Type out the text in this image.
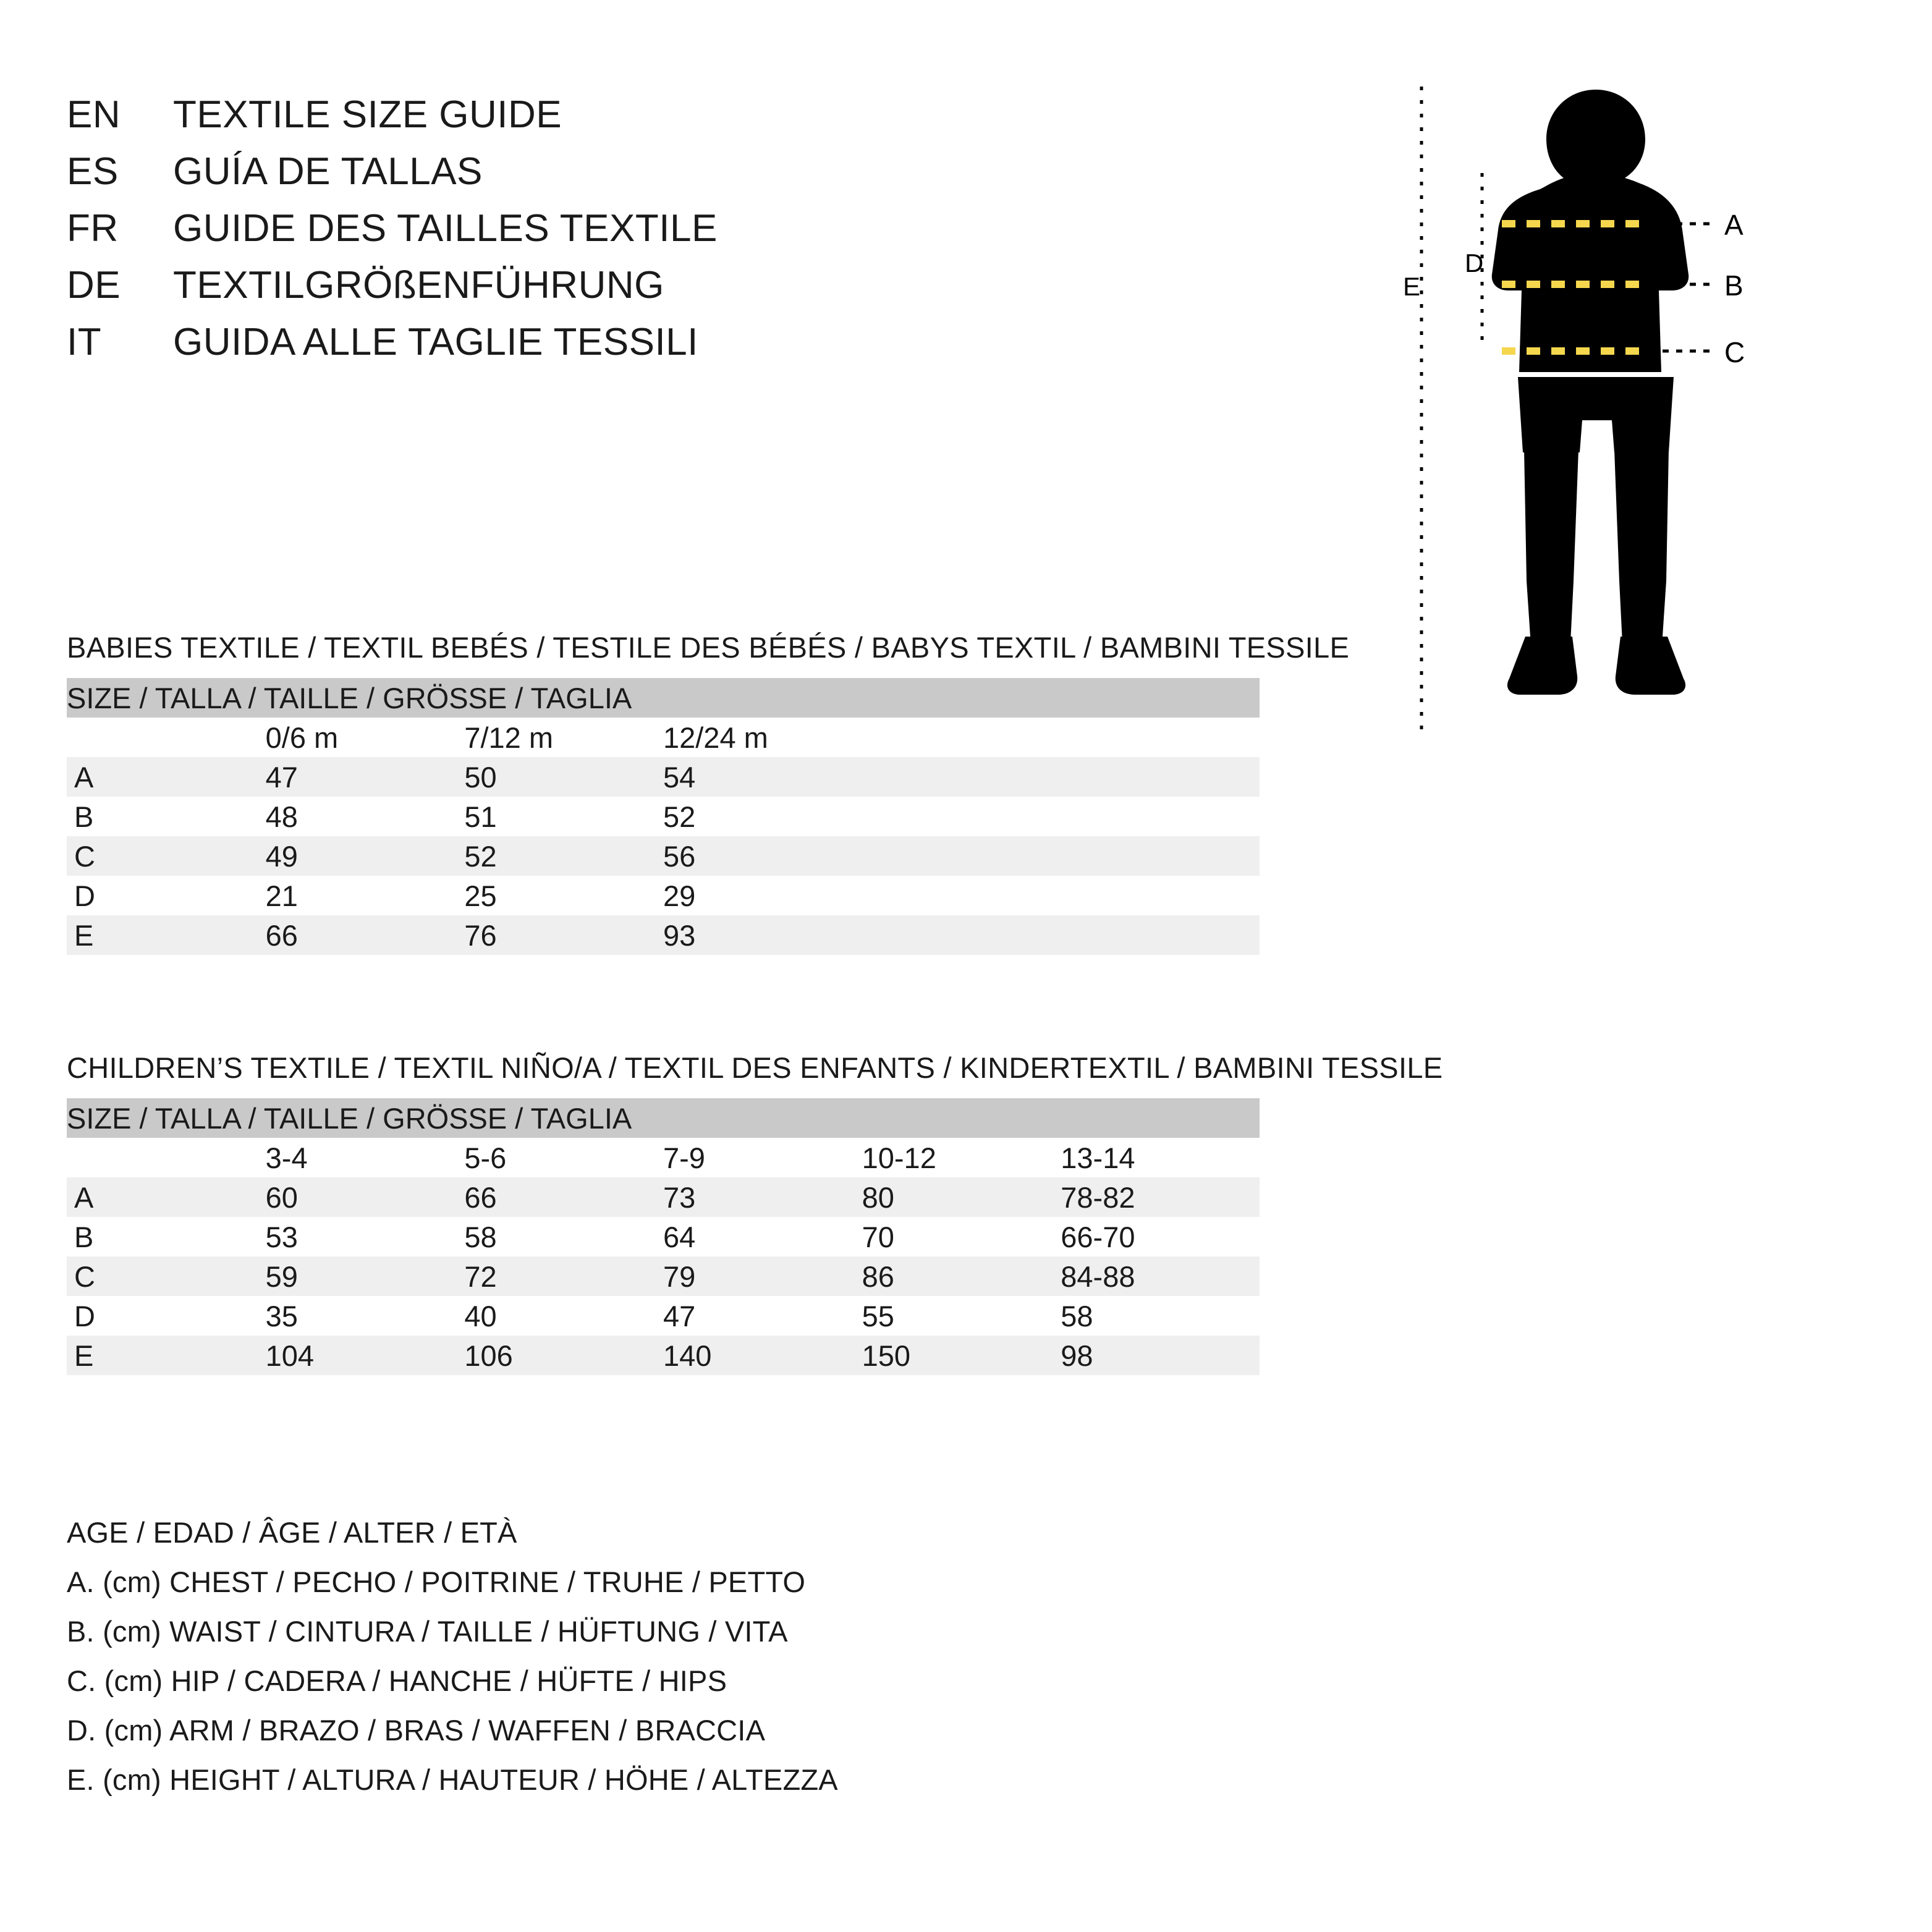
EN	TEXTILE SIZE GUIDE
ES	GUÍA DE TALLAS
FR	GUIDE DES TAILLES TEXTILE
DE	TEXTILGRÖßENFÜHRUNG
IT	GUIDA ALLE TAGLIE TESSILI
A
B
C
D
E
BABIES TEXTILE / TEXTIL BEBÉS / TESTILE DES BÉBÉS / BABYS TEXTIL / BAMBINI TESSILE
SIZE / TALLA / TAILLE / GRÖSSE / TAGLIA					
	0/6 m	7/12 m	12/24 m		
A	47	50	54		
B	48	51	52		
C	49	52	56		
D	21	25	29		
E	66	76	93		
CHILDREN’S TEXTILE / TEXTIL NIÑO/A / TEXTIL DES ENFANTS / KINDERTEXTIL / BAMBINI TESSILE
SIZE / TALLA / TAILLE / GRÖSSE / TAGLIA					
	3-4	5-6	7-9	10-12	13-14
A	60	66	73	80	78-82
B	53	58	64	70	66-70
C	59	72	79	86	84-88
D	35	40	47	55	58
E	104	106	140	150	98
AGE / EDAD / ÂGE / ALTER / ETÀ
A. (cm) CHEST / PECHO / POITRINE / TRUHE / PETTO
B. (cm) WAIST / CINTURA / TAILLE / HÜFTUNG / VITA
C. (cm) HIP / CADERA / HANCHE / HÜFTE / HIPS
D. (cm) ARM / BRAZO / BRAS / WAFFEN / BRACCIA
E. (cm) HEIGHT / ALTURA / HAUTEUR / HÖHE / ALTEZZA
